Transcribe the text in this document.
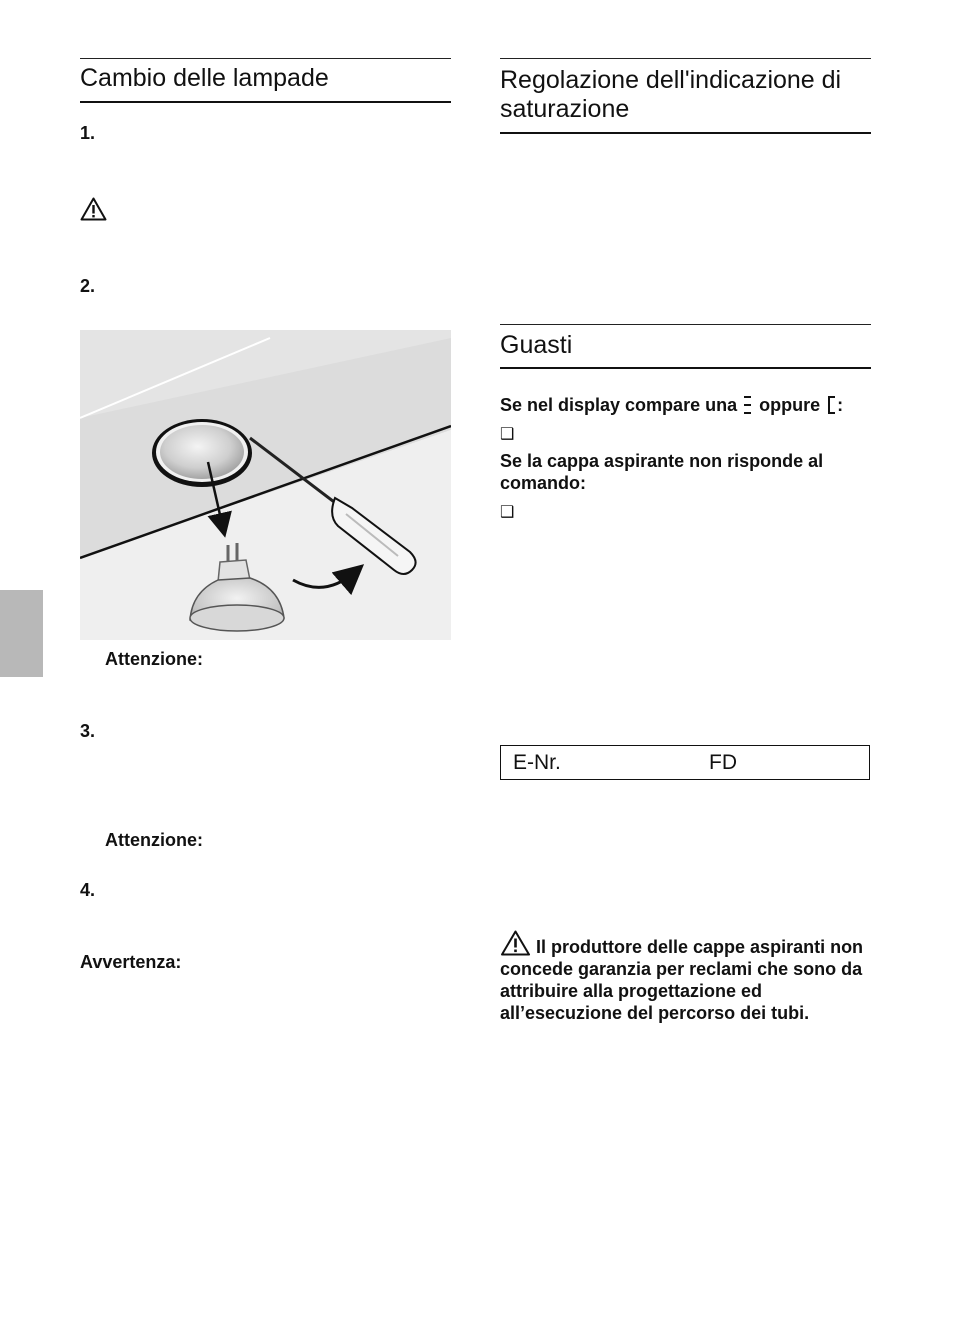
Cambio delle lampade
1.
2.
Attenzione:
3.
Attenzione:
4.
Avvertenza:
Regolazione dell'indicazione di saturazione
Guasti
Se nel display compare una oppure :
❑
Se la cappa aspirante non risponde al comando:
❑
E-Nr.	FD
Il produttore delle cappe aspiranti non concede garanzia per reclami che sono da attribuire alla progettazione ed all’esecuzione del percorso dei tubi.
